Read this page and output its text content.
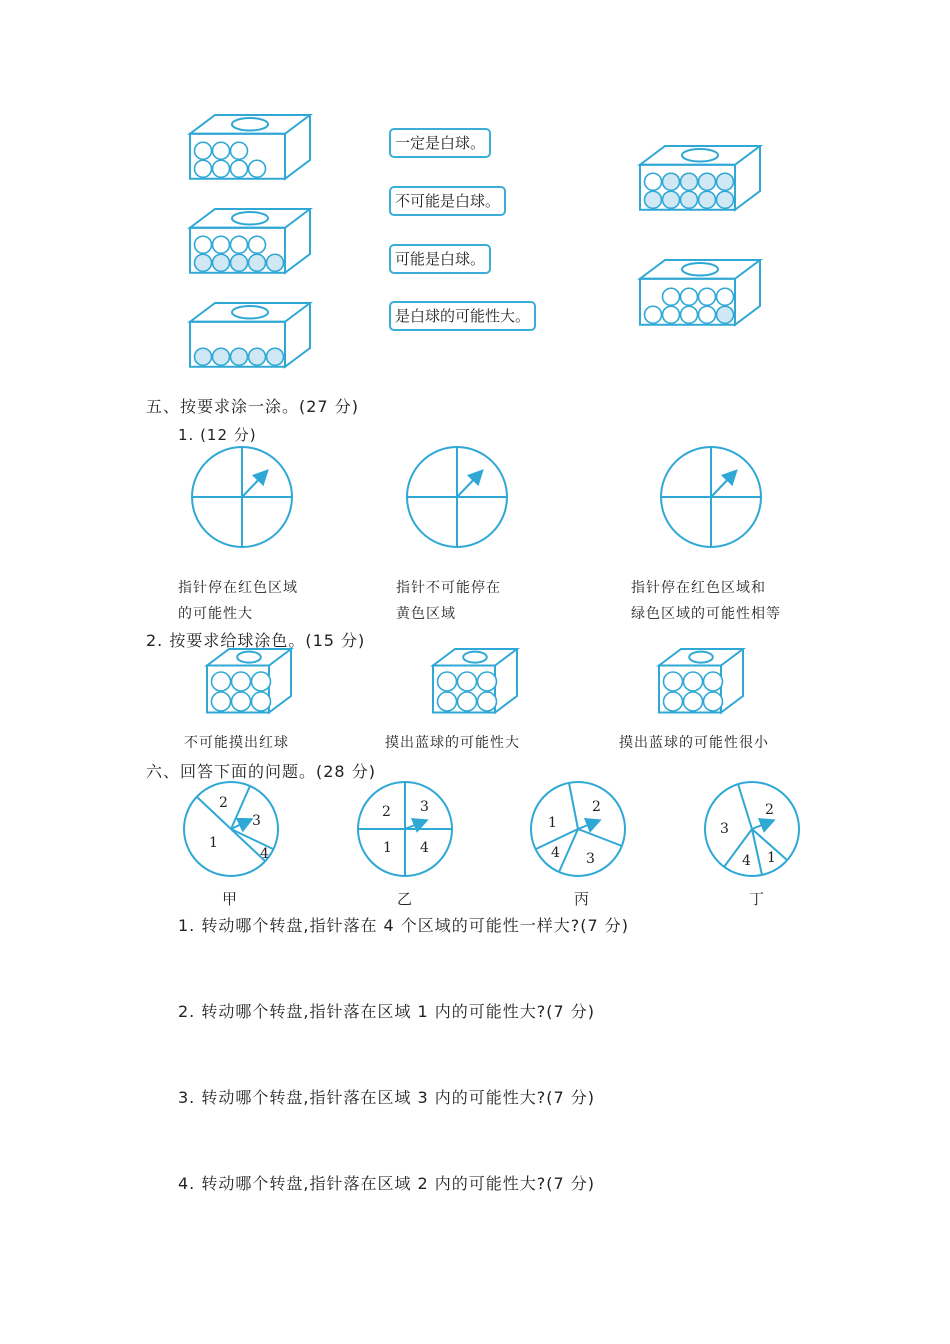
2
3
1
4
2 3
1 4
1
2
3
4
3
2
4 1
一定是白球。
不可能是白球。
可能是白球。
是白球的可能性大。
五、按要求涂一涂。(27 分)
1. (12 分)
指针停在红色区域
的可能性大
指针不可能停在
黄色区域
指针停在红色区域和
绿色区域的可能性相等
2. 按要求给球涂色。(15 分)
不可能摸出红球	摸出蓝球的可能性大	摸出蓝球的可能性很小
六、回答下面的问题。(28 分)
甲	乙	丙	丁
1. 转动哪个转盘,指针落在 4 个区域的可能性一样大?(7 分)
2. 转动哪个转盘,指针落在区域 1 内的可能性大?(7 分)
3. 转动哪个转盘,指针落在区域 3 内的可能性大?(7 分)
4. 转动哪个转盘,指针落在区域 2 内的可能性大?(7 分)
